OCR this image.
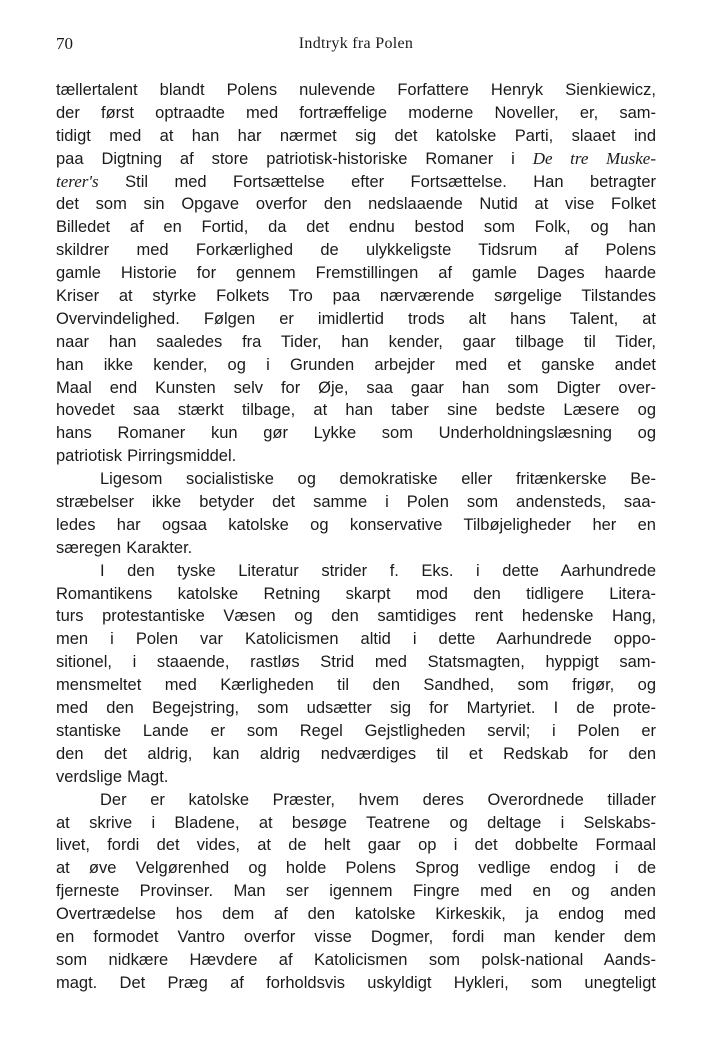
70	Indtryk fra Polen
tællertalent blandt Polens nulevende Forfattere Henryk Sienkiewicz,
der først optraadte med fortræffelige moderne Noveller, er, sam-
tidigt med at han har nærmet sig det katolske Parti, slaaet ind
paa Digtning af store patriotisk-historiske Romaner i De tre Muske-
terer's Stil med Fortsættelse efter Fortsættelse. Han betragter
det som sin Opgave overfor den nedslaaende Nutid at vise Folket
Billedet af en Fortid, da det endnu bestod som Folk, og han
skildrer med Forkærlighed de ulykkeligste Tidsrum af Polens
gamle Historie for gennem Fremstillingen af gamle Dages haarde
Kriser at styrke Folkets Tro paa nærværende sørgelige Tilstandes
Overvindelighed. Følgen er imidlertid trods alt hans Talent, at
naar han saaledes fra Tider, han kender, gaar tilbage til Tider,
han ikke kender, og i Grunden arbejder med et ganske andet
Maal end Kunsten selv for Øje, saa gaar han som Digter over-
hovedet saa stærkt tilbage, at han taber sine bedste Læsere og
hans Romaner kun gør Lykke som Underholdningslæsning og
patriotisk Pirringsmiddel.
Ligesom socialistiske og demokratiske eller fritænkerske Be-
stræbelser ikke betyder det samme i Polen som andensteds, saa-
ledes har ogsaa katolske og konservative Tilbøjeligheder her en
særegen Karakter.
I den tyske Literatur strider f. Eks. i dette Aarhundrede
Romantikens katolske Retning skarpt mod den tidligere Litera-
turs protestantiske Væsen og den samtidiges rent hedenske Hang,
men i Polen var Katolicismen altid i dette Aarhundrede oppo-
sitionel, i staaende, rastløs Strid med Statsmagten, hyppigt sam-
mensmeltet med Kærligheden til den Sandhed, som frigør, og
med den Begejstring, som udsætter sig for Martyriet. I de prote-
stantiske Lande er som Regel Gejstligheden servil; i Polen er
den det aldrig, kan aldrig nedværdiges til et Redskab for den
verdslige Magt.
Der er katolske Præster, hvem deres Overordnede tillader
at skrive i Bladene, at besøge Teatrene og deltage i Selskabs-
livet, fordi det vides, at de helt gaar op i det dobbelte Formaal
at øve Velgørenhed og holde Polens Sprog vedlige endog i de
fjerneste Provinser. Man ser igennem Fingre med en og anden
Overtrædelse hos dem af den katolske Kirkeskik, ja endog med
en formodet Vantro overfor visse Dogmer, fordi man kender dem
som nidkære Hævdere af Katolicismen som polsk-national Aands-
magt. Det Præg af forholdsvis uskyldigt Hykleri, som unegteligt
